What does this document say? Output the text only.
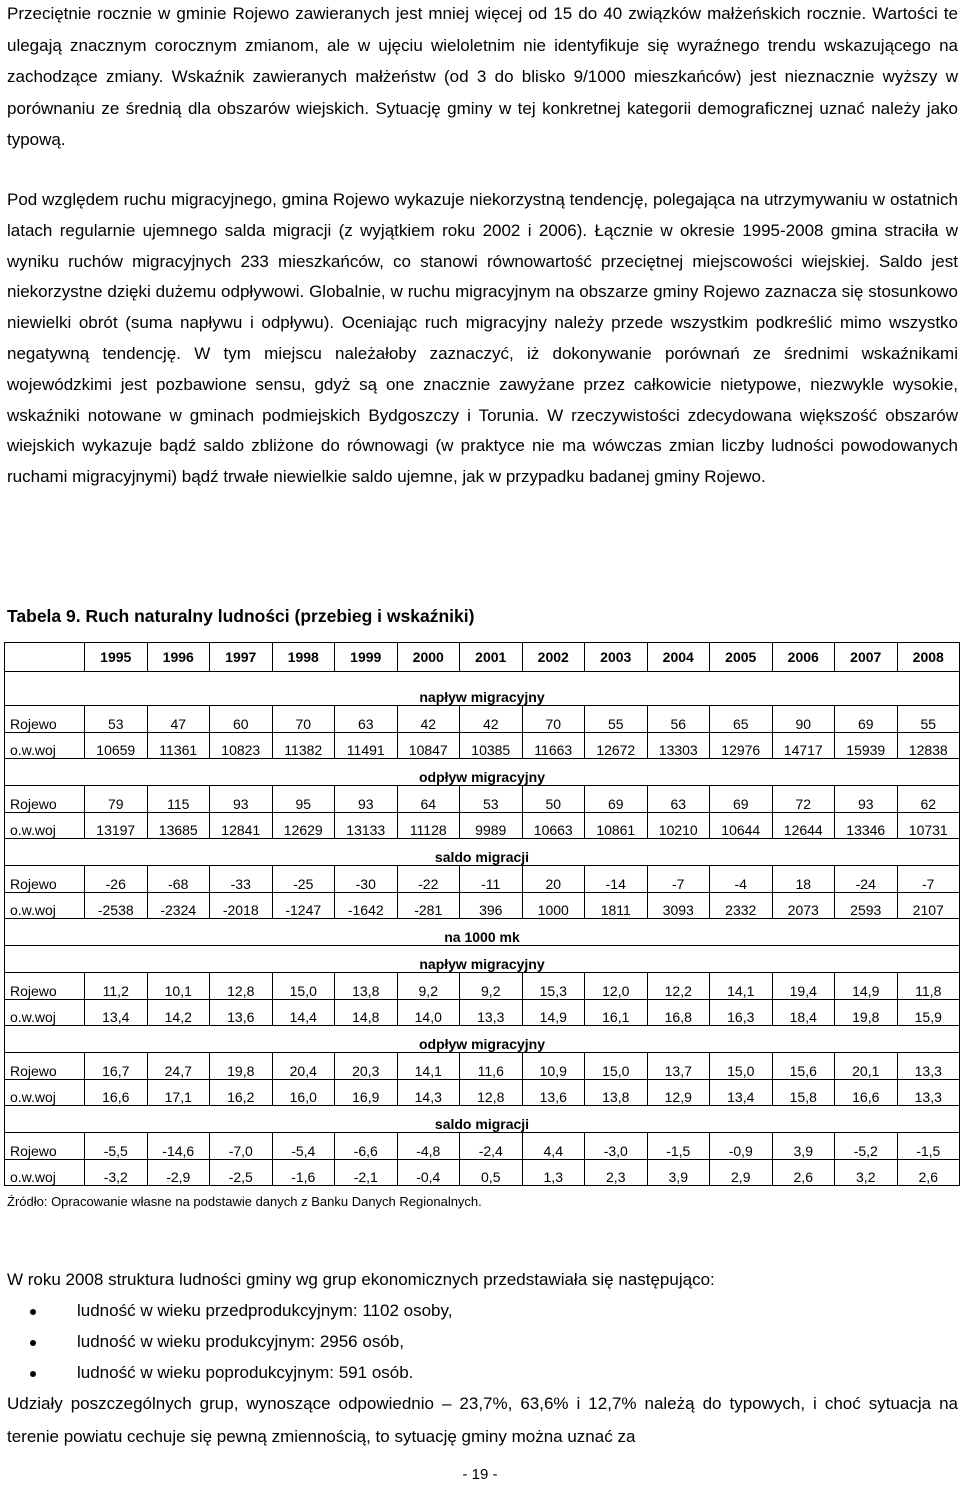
Przeciętnie rocznie w gminie Rojewo zawieranych jest mniej więcej od 15 do 40 związków małżeńskich rocznie. Wartości te ulegają znacznym corocznym zmianom, ale w ujęciu wieloletnim nie identyfikuje się wyraźnego trendu wskazującego na zachodzące zmiany. Wskaźnik zawieranych małżeństw (od 3 do blisko 9/1000 mieszkańców) jest nieznacznie wyższy w porównaniu ze średnią dla obszarów wiejskich. Sytuację gminy w tej konkretnej kategorii demograficznej uznać należy jako typową.

Pod względem ruchu migracyjnego, gmina Rojewo wykazuje niekorzystną tendencję, polegająca na utrzymywaniu w ostatnich latach regularnie ujemnego salda migracji (z wyjątkiem roku 2002 i 2006). Łącznie w okresie 1995-2008 gmina straciła w wyniku ruchów migracyjnych 233 mieszkańców, co stanowi równowartość przeciętnej miejscowości wiejskiej. Saldo jest niekorzystne dzięki dużemu odpływowi. Globalnie, w ruchu migracyjnym na obszarze gminy Rojewo zaznacza się stosunkowo niewielki obrót (suma napływu i odpływu). Oceniając ruch migracyjny należy przede wszystkim podkreślić mimo wszystko negatywną tendencję. W tym miejscu należałoby zaznaczyć, iż dokonywanie porównań ze średnimi wskaźnikami wojewódzkimi jest pozbawione sensu, gdyż są one znacznie zawyżane przez całkowicie nietypowe, niezwykle wysokie, wskaźniki notowane w gminach podmiejskich Bydgoszczy i Torunia. W rzeczywistości zdecydowana większość obszarów wiejskich wykazuje bądź saldo zbliżone do równowagi (w praktyce nie ma wówczas zmian liczby ludności powodowanych ruchami migracyjnymi) bądź trwałe niewielkie saldo ujemne, jak w przypadku badanej gminy Rojewo.

Tabela 9. Ruch naturalny ludności (przebieg i wskaźniki)

	1995	1996	1997	1998	1999	2000	2001	2002	2003	2004	2005	2006	2007	2008
napływ migracyjny														
Rojewo	53	47	60	70	63	42	42	70	55	56	65	90	69	55
o.w.woj	10659	11361	10823	11382	11491	10847	10385	11663	12672	13303	12976	14717	15939	12838
odpływ migracyjny														
Rojewo	79	115	93	95	93	64	53	50	69	63	69	72	93	62
o.w.woj	13197	13685	12841	12629	13133	11128	9989	10663	10861	10210	10644	12644	13346	10731
saldo migracji														
Rojewo	-26	-68	-33	-25	-30	-22	-11	20	-14	-7	-4	18	-24	-7
o.w.woj	-2538	-2324	-2018	-1247	-1642	-281	396	1000	1811	3093	2332	2073	2593	2107
na 1000 mk														
napływ migracyjny														
Rojewo	11,2	10,1	12,8	15,0	13,8	9,2	9,2	15,3	12,0	12,2	14,1	19,4	14,9	11,8
o.w.woj	13,4	14,2	13,6	14,4	14,8	14,0	13,3	14,9	16,1	16,8	16,3	18,4	19,8	15,9
odpływ migracyjny														
Rojewo	16,7	24,7	19,8	20,4	20,3	14,1	11,6	10,9	15,0	13,7	15,0	15,6	20,1	13,3
o.w.woj	16,6	17,1	16,2	16,0	16,9	14,3	12,8	13,6	13,8	12,9	13,4	15,8	16,6	13,3
saldo migracji														
Rojewo	-5,5	-14,6	-7,0	-5,4	-6,6	-4,8	-2,4	4,4	-3,0	-1,5	-0,9	3,9	-5,2	-1,5
o.w.woj	-3,2	-2,9	-2,5	-1,6	-2,1	-0,4	0,5	1,3	2,3	3,9	2,9	2,6	3,2	2,6

Źródło: Opracowanie własne na podstawie danych z Banku Danych Regionalnych.

W roku 2008 struktura ludności gminy wg grup ekonomicznych przedstawiała się następująco:

ludność w wieku przedprodukcyjnym: 1102 osoby,
ludność w wieku produkcyjnym: 2956 osób,
ludność w wieku poprodukcyjnym: 591 osób.

Udziały poszczególnych grup, wynoszące odpowiednio – 23,7%, 63,6% i 12,7% należą do typowych, i choć sytuacja na terenie powiatu cechuje się pewną zmiennością, to sytuację gminy można uznać za

- 19 -
